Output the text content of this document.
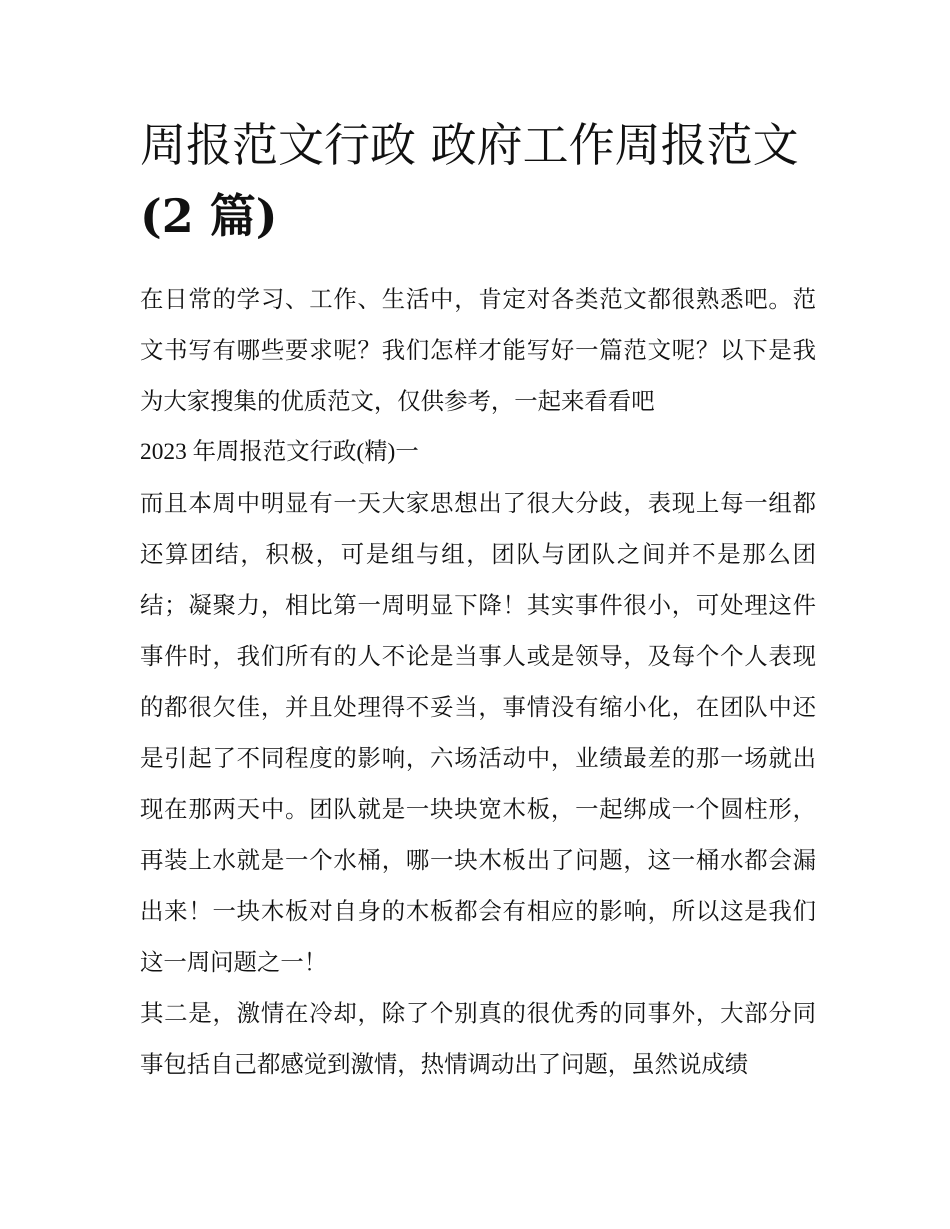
周报范文行政 政府工作周报范文(2 篇)

在日常的学习、工作、生活中，肯定对各类范文都很熟悉吧。范文书写有哪些要求呢？我们怎样才能写好一篇范文呢？以下是我为大家搜集的优质范文，仅供参考，一起来看看吧

2023 年周报范文行政(精)一

而且本周中明显有一天大家思想出了很大分歧，表现上每一组都还算团结，积极，可是组与组，团队与团队之间并不是那么团结；凝聚力，相比第一周明显下降！其实事件很小，可处理这件事件时，我们所有的人不论是当事人或是领导，及每个个人表现的都很欠佳，并且处理得不妥当，事情没有缩小化，在团队中还是引起了不同程度的影响，六场活动中，业绩最差的那一场就出现在那两天中。团队就是一块块宽木板，一起绑成一个圆柱形，再装上水就是一个水桶，哪一块木板出了问题，这一桶水都会漏出来！一块木板对自身的木板都会有相应的影响，所以这是我们这一周问题之一！

其二是，激情在冷却，除了个别真的很优秀的同事外，大部分同事包括自己都感觉到激情，热情调动出了问题，虽然说成绩
